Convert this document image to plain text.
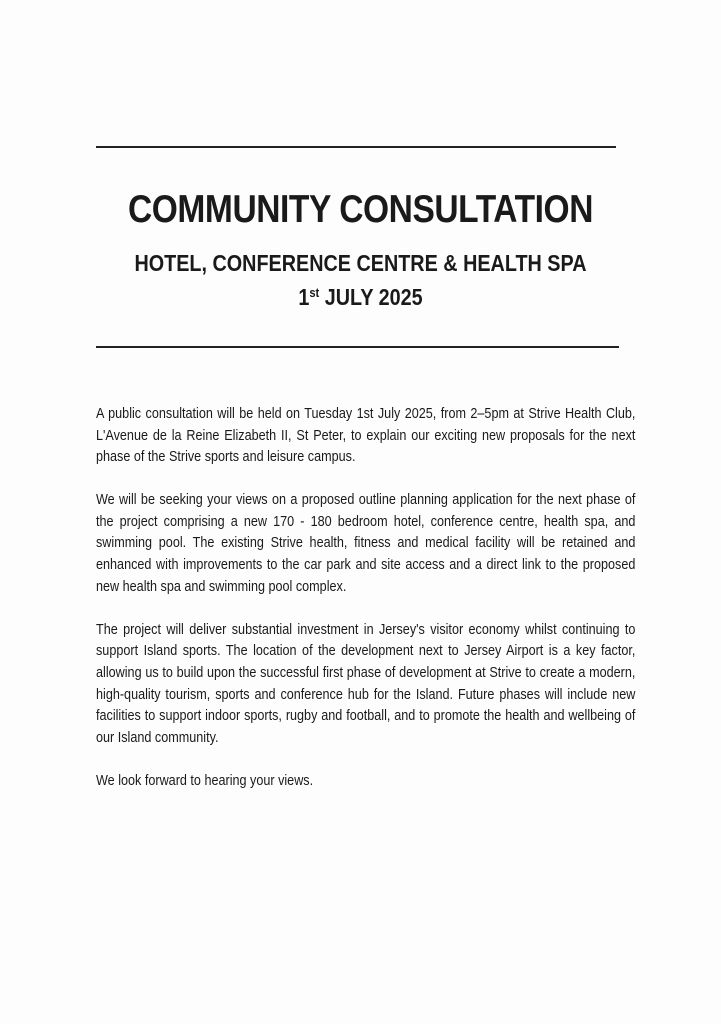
COMMUNITY CONSULTATION
HOTEL, CONFERENCE CENTRE & HEALTH SPA
1st JULY 2025

A public consultation will be held on Tuesday 1st July 2025, from 2–5pm at Strive Health Club, L'Avenue de la Reine Elizabeth II, St Peter, to explain our exciting new proposals for the next phase of the Strive sports and leisure campus.

We will be seeking your views on a proposed outline planning application for the next phase of the project comprising a new 170 - 180 bedroom hotel, conference centre, health spa, and swimming pool. The existing Strive health, fitness and medical facility will be retained and enhanced with improvements to the car park and site access and a direct link to the proposed new health spa and swimming pool complex.

The project will deliver substantial investment in Jersey's visitor economy whilst continuing to support Island sports. The location of the development next to Jersey Airport is a key factor, allowing us to build upon the successful first phase of development at Strive to create a modern, high-quality tourism, sports and conference hub for the Island. Future phases will include new facilities to support indoor sports, rugby and football, and to promote the health and wellbeing of our Island community.

We look forward to hearing your views.
